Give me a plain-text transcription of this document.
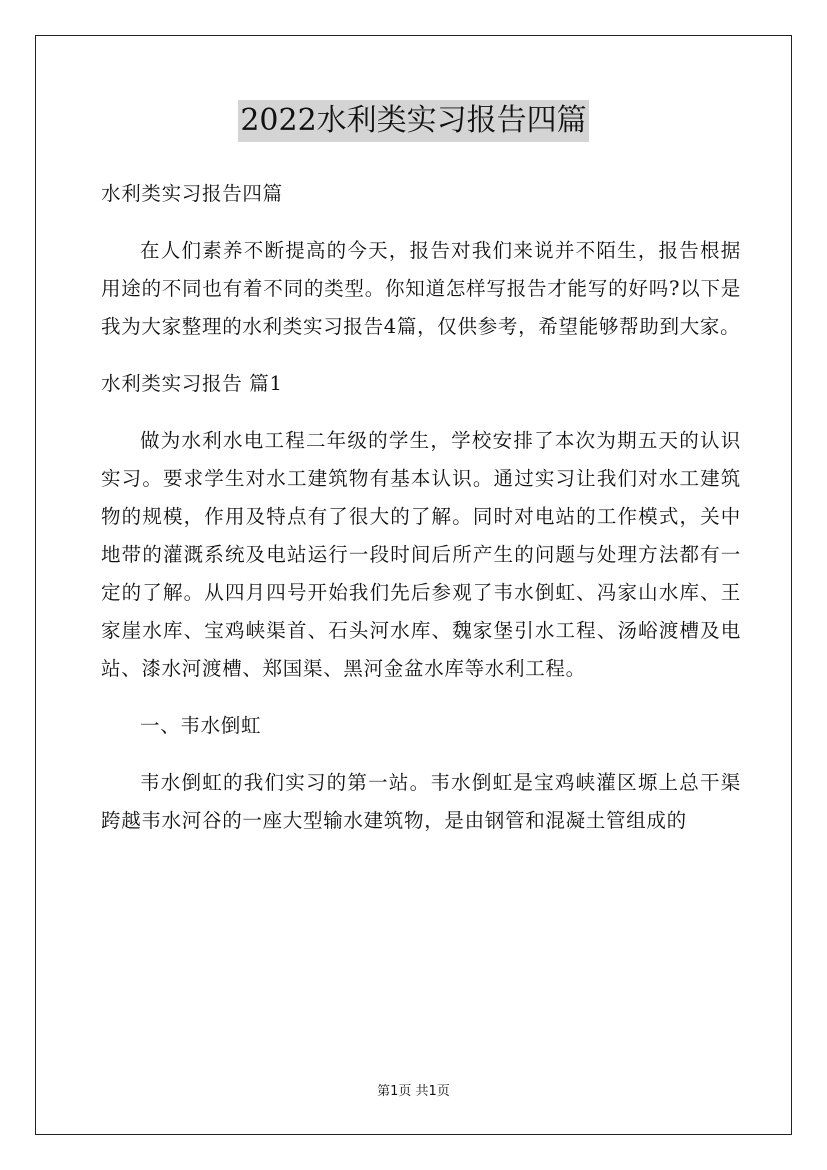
2022水利类实习报告四篇

水利类实习报告四篇

在人们素养不断提高的今天，报告对我们来说并不陌生，报告根据用途的不同也有着不同的类型。你知道怎样写报告才能写的好吗?以下是我为大家整理的水利类实习报告4篇，仅供参考，希望能够帮助到大家。

水利类实习报告 篇1

做为水利水电工程二年级的学生，学校安排了本次为期五天的认识实习。要求学生对水工建筑物有基本认识。通过实习让我们对水工建筑物的规模，作用及特点有了很大的了解。同时对电站的工作模式，关中地带的灌溉系统及电站运行一段时间后所产生的问题与处理方法都有一定的了解。从四月四号开始我们先后参观了韦水倒虹、冯家山水库、王家崖水库、宝鸡峡渠首、石头河水库、魏家堡引水工程、汤峪渡槽及电站、漆水河渡槽、郑国渠、黑河金盆水库等水利工程。

一、韦水倒虹

韦水倒虹的我们实习的第一站。韦水倒虹是宝鸡峡灌区塬上总干渠跨越韦水河谷的一座大型输水建筑物，是由钢管和混凝土管组成的

第1页 共1页
